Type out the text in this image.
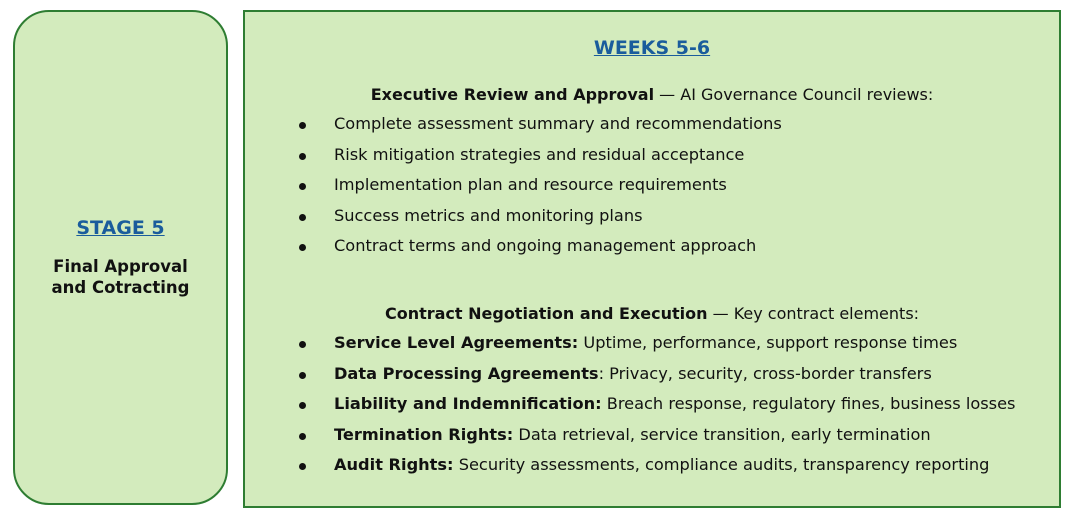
STAGE 5
Final Approval
and Cotracting
WEEKS 5-6
Executive Review and Approval — AI Governance Council reviews:
Complete assessment summary and recommendations
Risk mitigation strategies and residual acceptance
Implementation plan and resource requirements
Success metrics and monitoring plans
Contract terms and ongoing management approach
Contract Negotiation and Execution — Key contract elements:
Service Level Agreements: Uptime, performance, support response times
Data Processing Agreements: Privacy, security, cross-border transfers
Liability and Indemnification: Breach response, regulatory fines, business losses
Termination Rights: Data retrieval, service transition, early termination
Audit Rights: Security assessments, compliance audits, transparency reporting
